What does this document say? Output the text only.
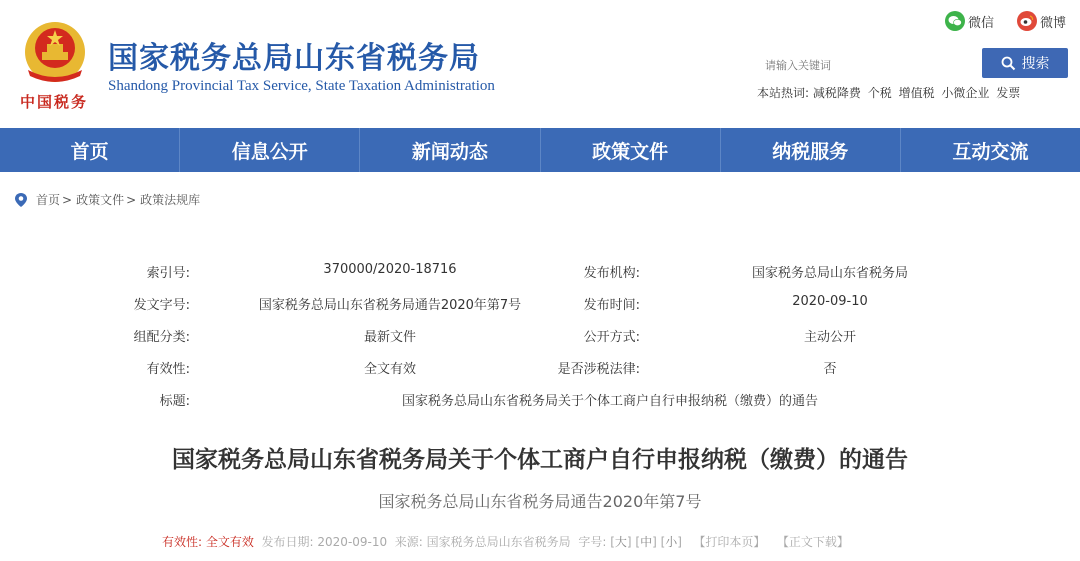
中国税务
国家税务总局山东省税务局
Shandong Provincial Tax Service, State Taxation Administration
微信	微博
请输入关键词
搜索
本站热词: 减税降费 个税 增值税 小微企业 发票
首页	信息公开	新闻动态	政策文件	纳税服务	互动交流
首页 > 政策文件 > 政策法规库
索引号:	370000/2020-18716	发布机构:	国家税务总局山东省税务局
发文字号:	国家税务总局山东省税务局通告2020年第7号	发布时间:	2020-09-10
组配分类:	最新文件	公开方式:	主动公开
有效性:	全文有效	是否涉税法律:	否
标题:	国家税务总局山东省税务局关于个体工商户自行申报纳税（缴费）的通告
国家税务总局山东省税务局关于个体工商户自行申报纳税（缴费）的通告
国家税务总局山东省税务局通告2020年第7号
有效性: 全文有效 发布日期: 2020-09-10 来源: 国家税务总局山东省税务局 字号: [大] [中] [小]   【打印本页】 【正文下载】
